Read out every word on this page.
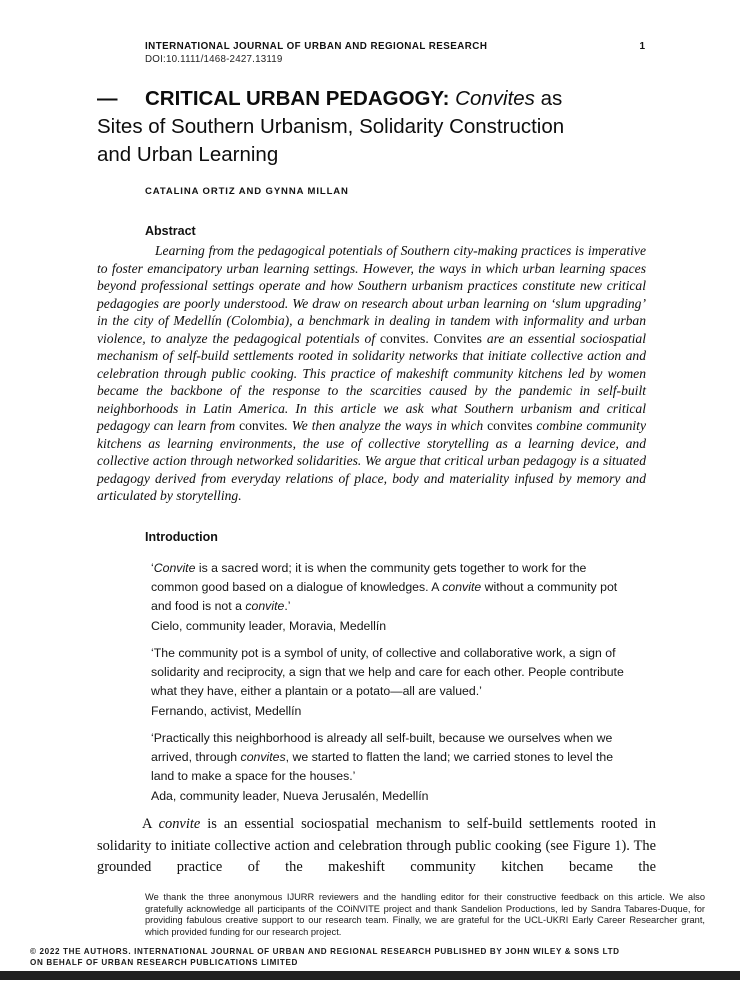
INTERNATIONAL JOURNAL OF URBAN AND REGIONAL RESEARCH	1
DOI:10.1111/1468-2427.13119
—	CRITICAL URBAN PEDAGOGY: Convites as
Sites of Southern Urbanism, Solidarity Construction
and Urban Learning
CATALINA ORTIZ AND GYNNA MILLAN
Abstract

Learning from the pedagogical potentials of Southern city-making practices is imperative to foster emancipatory urban learning settings. However, the ways in which urban learning spaces beyond professional settings operate and how Southern urbanism practices constitute new critical pedagogies are poorly understood. We draw on research about urban learning on ‘slum upgrading’ in the city of Medellín (Colombia), a benchmark in dealing in tandem with informality and urban violence, to analyze the pedagogical potentials of convites. Convites are an essential sociospatial mechanism of self-build settlements rooted in solidarity networks that initiate collective action and celebration through public cooking. This practice of makeshift community kitchens led by women became the backbone of the response to the scarcities caused by the pandemic in self-built neighborhoods in Latin America. In this article we ask what Southern urbanism and critical pedagogy can learn from convites. We then analyze the ways in which convites combine community kitchens as learning environments, the use of collective storytelling as a learning device, and collective action through networked solidarities. We argue that critical urban pedagogy is a situated pedagogy derived from everyday relations of place, body and materiality infused by memory and articulated by storytelling.

Introduction

‘Convite is a sacred word; it is when the community gets together to work for the common good based on a dialogue of knowledges. A convite without a community pot and food is not a convite.’

Cielo, community leader, Moravia, Medellín

‘The community pot is a symbol of unity, of collective and collaborative work, a sign of solidarity and reciprocity, a sign that we help and care for each other. People contribute what they have, either a plantain or a potato—all are valued.’

Fernando, activist, Medellín

‘Practically this neighborhood is already all self-built, because we ourselves when we arrived, through convites, we started to flatten the land; we carried stones to level the land to make a space for the houses.’

Ada, community leader, Nueva Jerusalén, Medellín

A convite is an essential sociospatial mechanism to self-build settlements rooted in solidarity to initiate collective action and celebration through public cooking (see Figure 1). The grounded practice of the makeshift community kitchen became the

We thank the three anonymous IJURR reviewers and the handling editor for their constructive feedback on this article. We also gratefully acknowledge all participants of the COiNVITE project and thank Sandelion Productions, led by Sandra Tabares-Duque, for providing fabulous creative support to our research team. Finally, we are grateful for the UCL-UKRI Early Career Researcher grant, which provided funding for our research project.
© 2022 THE AUTHORS. INTERNATIONAL JOURNAL OF URBAN AND REGIONAL RESEARCH PUBLISHED BY JOHN WILEY & SONS LTD
ON BEHALF OF URBAN RESEARCH PUBLICATIONS LIMITED
